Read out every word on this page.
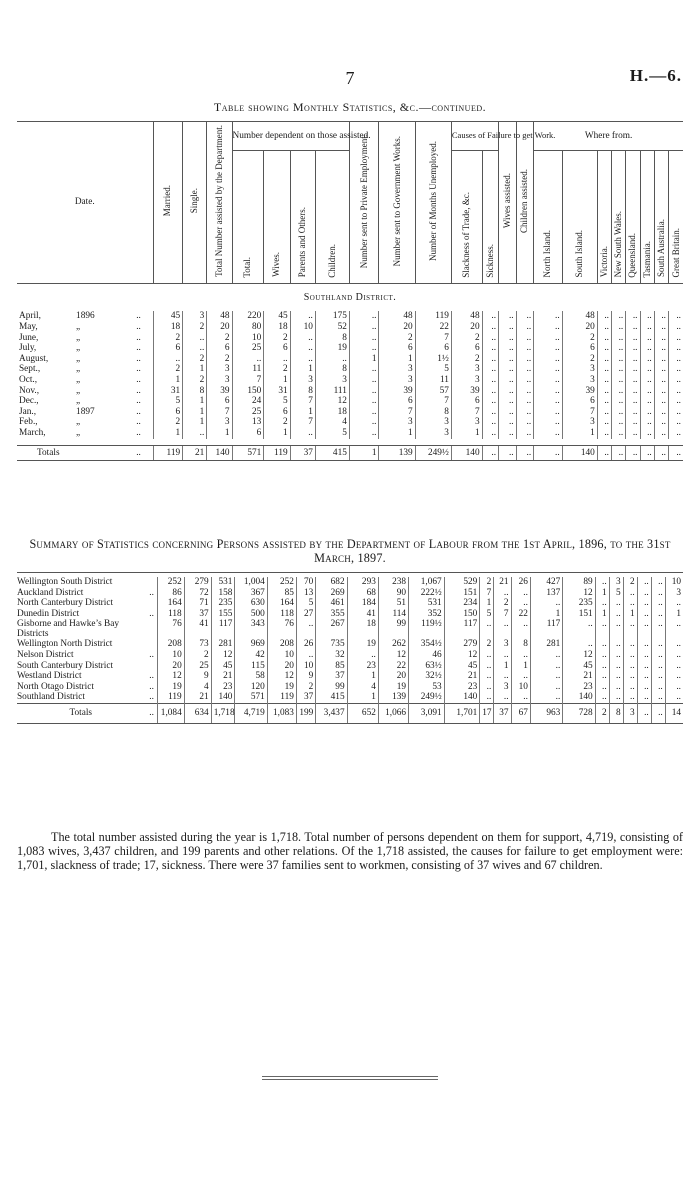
7	H.—6.
Table showing Monthly Statistics, &c.—continued.
Date.			Married.	Single.	Total Number assisted by the Department.	Number dependent on those assisted.				Number sent to Private Employment.	Number sent to Government Works.	Number of Months Unemployed.	Causes of Failure to get Work.		Wives assisted.	Children assisted.	Where from.							
						Total.	Wives.	Parents and Others.	Children.				Slackness of Trade, &c.	Sickness.			North Island.	South Island.	Victoria.	New South Wales.	Queensland.	Tasmania.	South Australia.	Great Britain.
Southland District.																								
April,	1896	..	45	3	48	220	45	..	175	..	48	119	48	..	..	..	..	48	..	..	..	..	..	..
May,	„	..	18	2	20	80	18	10	52	..	20	22	20	..	..	..	..	20	..	..	..	..	..	..
June,	„	..	2	..	2	10	2	..	8	..	2	7	2	..	..	..	..	2	..	..	..	..	..	..
July,	„	..	6	..	6	25	6	..	19	..	6	6	6	..	..	..	..	6	..	..	..	..	..	..
August,	„	..	..	2	2	..	..	..	..	1	1	1½	2	..	..	..	..	2	..	..	..	..	..	..
Sept.,	„	..	2	1	3	11	2	1	8	..	3	5	3	..	..	..	..	3	..	..	..	..	..	..
Oct.,	„	..	1	2	3	7	1	3	3	..	3	11	3	..	..	..	..	3	..	..	..	..	..	..
Nov.,	„	..	31	8	39	150	31	8	111	..	39	57	39	..	..	..	..	39	..	..	..	..	..	..
Dec.,	„	..	5	1	6	24	5	7	12	..	6	7	6	..	..	..	..	6	..	..	..	..	..	..
Jan.,	1897	..	6	1	7	25	6	1	18	..	7	8	7	..	..	..	..	7	..	..	..	..	..	..
Feb.,	„	..	2	1	3	13	2	7	4	..	3	3	3	..	..	..	..	3	..	..	..	..	..	..
March,	„	..	1	..	1	6	1	..	5	..	1	3	1	..	..	..	..	1	..	..	..	..	..	..

Totals		..	119	21	140	571	119	37	415	1	139	249½	140	..	..	..	..	140	..	..	..	..	..	..
Summary of Statistics concerning Persons assisted by the Department of Labour from the 1st April, 1896, to the 31st March, 1897.

Wellington South District		252	279	531	1,004	252	70	682	293	238	1,067	529	2	21	26	427	89	..	3	2	..	..	10
Auckland District	..	86	72	158	367	85	13	269	68	90	222½	151	7	..	..	137	12	1	5	..	..	..	3
North Canterbury District		164	71	235	630	164	5	461	184	51	531	234	1	2	..	..	235	..	..	..	..	..	..
Dunedin District	..	118	37	155	500	118	27	355	41	114	352	150	5	7	22	1	151	1	..	1	..	..	1
Gisborne and Hawke’s Bay Districts		76	41	117	343	76	..	267	18	99	119½	117	..	..	..	117	..	..	..	..	..	..	..
Wellington North District		208	73	281	969	208	26	735	19	262	354½	279	2	3	8	281	..	..	..	..	..	..	..
Nelson District	..	10	2	12	42	10	..	32	..	12	46	12	..	..	..	..	12	..	..	..	..	..	..
South Canterbury District		20	25	45	115	20	10	85	23	22	63½	45	..	1	1	..	45	..	..	..	..	..	..
Westland District	..	12	9	21	58	12	9	37	1	20	32½	21	..	..	..	..	21	..	..	..	..	..	..
North Otago District	..	19	4	23	120	19	2	99	4	19	53	23	..	3	10	..	23	..	..	..	..	..	..
Southland District	..	119	21	140	571	119	37	415	1	139	249½	140	..	..	..	..	140	..	..	..	..	..	..
Totals	..	1,084	634	1,718	4,719	1,083	199	3,437	652	1,066	3,091	1,701	17	37	67	963	728	2	8	3	..	..	14
The total number assisted during the year is 1,718. Total number of persons dependent on them for support, 4,719, consisting of 1,083 wives, 3,437 children, and 199 parents and other relations. Of the 1,718 assisted, the causes for failure to get employment were: 1,701, slackness of trade; 17, sickness. There were 37 families sent to workmen, consisting of 37 wives and 67 children.
